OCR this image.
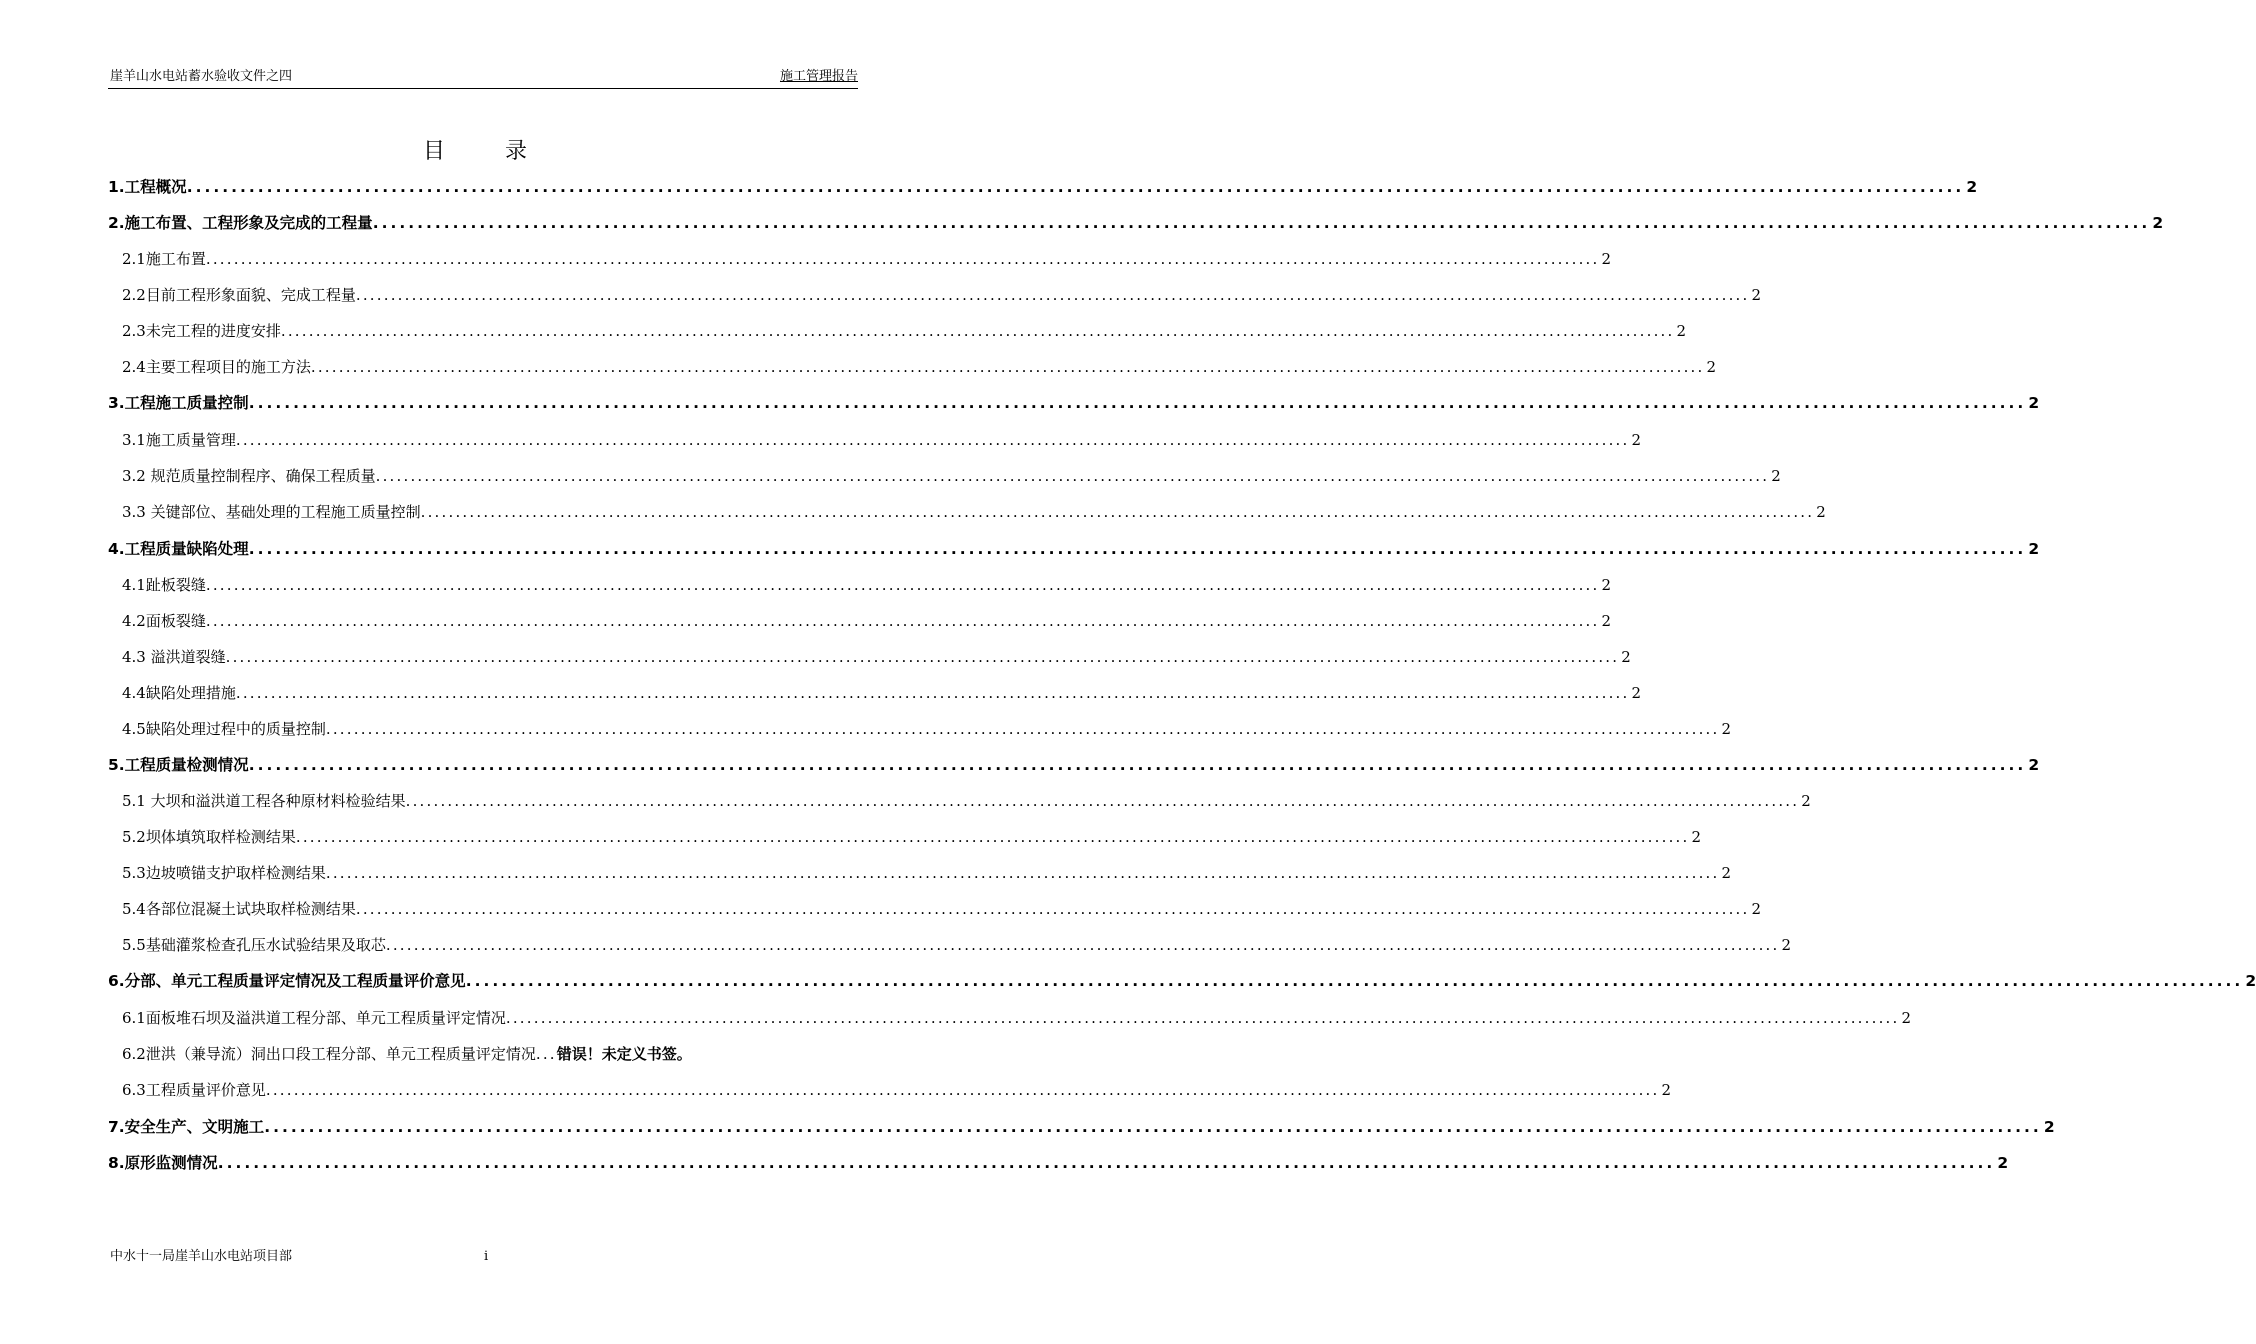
崖羊山水电站蓄水验收文件之四	施工管理报告
目	录
1.工程概况 ........................................................................................................................................................................................................ 2
2.施工布置、工程形象及完成的工程量 ........................................................................................................................................................................................................ 2
2.1施工布置 ........................................................................................................................................................................................................ 2
2.2目前工程形象面貌、完成工程量 ........................................................................................................................................................................................................ 2
2.3未完工程的进度安排 ........................................................................................................................................................................................................ 2
2.4主要工程项目的施工方法 ........................................................................................................................................................................................................ 2
3.工程施工质量控制 ........................................................................................................................................................................................................ 2
3.1施工质量管理 ........................................................................................................................................................................................................ 2
3.2 规范质量控制程序、确保工程质量 ........................................................................................................................................................................................................ 2
3.3 关键部位、基础处理的工程施工质量控制 ........................................................................................................................................................................................................ 2
4.工程质量缺陷处理 ........................................................................................................................................................................................................ 2
4.1趾板裂缝 ........................................................................................................................................................................................................ 2
4.2面板裂缝 ........................................................................................................................................................................................................ 2
4.3 溢洪道裂缝 ........................................................................................................................................................................................................ 2
4.4缺陷处理措施 ........................................................................................................................................................................................................ 2
4.5缺陷处理过程中的质量控制 ........................................................................................................................................................................................................ 2
5.工程质量检测情况 ........................................................................................................................................................................................................ 2
5.1 大坝和溢洪道工程各种原材料检验结果 ........................................................................................................................................................................................................ 2
5.2坝体填筑取样检测结果 ........................................................................................................................................................................................................ 2
5.3边坡喷锚支护取样检测结果 ........................................................................................................................................................................................................ 2
5.4各部位混凝土试块取样检测结果 ........................................................................................................................................................................................................ 2
5.5基础灌浆检查孔压水试验结果及取芯 ........................................................................................................................................................................................................ 2
6.分部、单元工程质量评定情况及工程质量评价意见 ........................................................................................................................................................................................................ 2
6.1面板堆石坝及溢洪道工程分部、单元工程质量评定情况 ........................................................................................................................................................................................................ 2
6.2泄洪（兼导流）洞出口段工程分部、单元工程质量评定情况 ... 错误！未定义书签。
6.3工程质量评价意见 ........................................................................................................................................................................................................ 2
7.安全生产、文明施工 ........................................................................................................................................................................................................ 2
8.原形监测情况 ........................................................................................................................................................................................................ 2
中水十一局崖羊山水电站项目部	i
